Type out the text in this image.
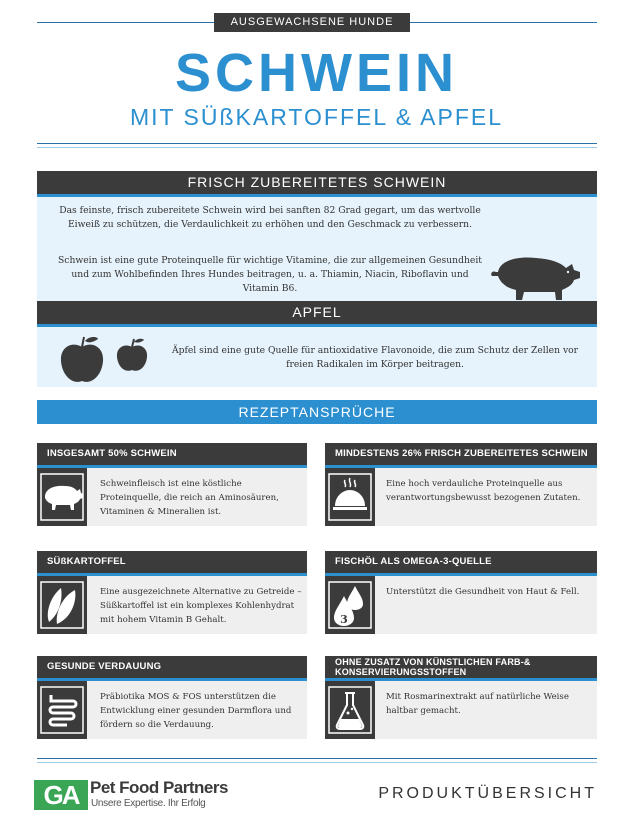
AUSGEWACHSENE HUNDE
SCHWEIN
MIT SÜßKARTOFFEL & APFEL
FRISCH ZUBEREITETES SCHWEIN
Das feinste, frisch zubereitete Schwein wird bei sanften 82 Grad gegart, um das wertvolle Eiweiß zu schützen, die Verdaulichkeit zu erhöhen und den Geschmack zu verbessern.
Schwein ist eine gute Proteinquelle für wichtige Vitamine, die zur allgemeinen Gesundheit und zum Wohlbefinden Ihres Hundes beitragen, u. a. Thiamin, Niacin, Riboflavin und Vitamin B6.
APFEL
Äpfel sind eine gute Quelle für antioxidative Flavonoide, die zum Schutz der Zellen vor freien Radikalen im Körper beitragen.
REZEPTANSPRÜCHE
INSGESAMT 50% SCHWEIN
Schweinfleisch ist eine köstliche Proteinquelle, die reich an Aminosäuren, Vitaminen & Mineralien ist.
MINDESTENS 26% FRISCH ZUBEREITETES SCHWEIN
Eine hoch verdauliche Proteinquelle aus verantwortungsbewusst bezogenen Zutaten.
SÜßKARTOFFEL
Eine ausgezeichnete Alternative zu Getreide – Süßkartoffel ist ein komplexes Kohlenhydrat mit hohem Vitamin B Gehalt.
FISCHÖL ALS OMEGA-3-QUELLE
3
Unterstützt die Gesundheit von Haut & Fell.
GESUNDE VERDAUUNG
Präbiotika MOS & FOS unterstützen die Entwicklung einer gesunden Darmflora und fördern so die Verdauung.
OHNE ZUSATZ VON KÜNSTLICHEN FARB-& KONSERVIERUNGSSTOFFEN
Mit Rosmarinextrakt auf natürliche Weise haltbar gemacht.
GA Pet Food Partners
Unsere Expertise. Ihr Erfolg
PRODUKTÜBERSICHT
